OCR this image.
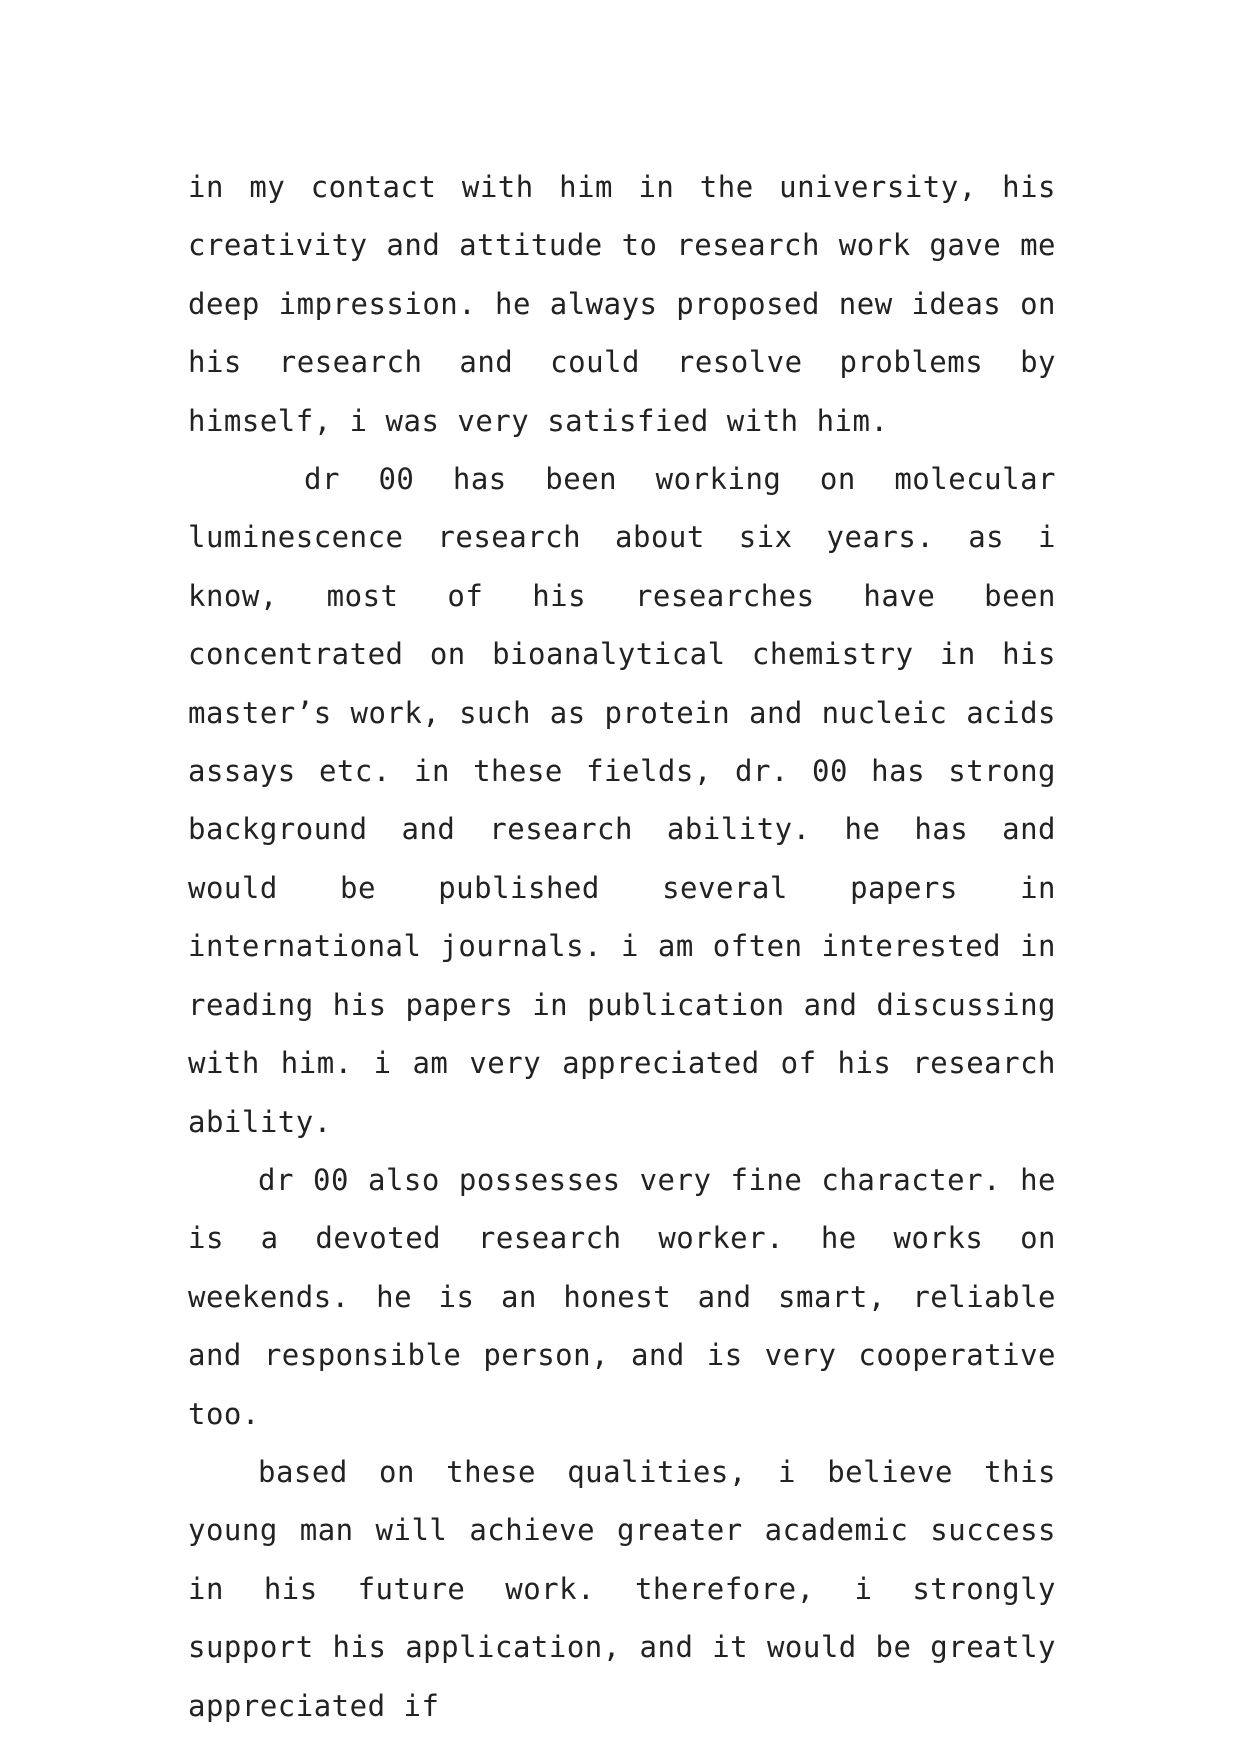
in my contact with him in the university, his creativity and attitude to research work gave me deep impression. he always proposed new ideas on his research and could resolve problems by himself, i was very satisfied with him.

dr 00 has been working on molecular luminescence research about six years. as i know, most of his researches have been concentrated on bioanalytical chemistry in his master’s work, such as protein and nucleic acids assays etc. in these fields, dr. 00 has strong background and research ability. he has and would be published several papers in international journals. i am often interested in reading his papers in publication and discussing with him. i am very appreciated of his research ability.

dr 00 also possesses very fine character. he is a devoted research worker. he works on weekends. he is an honest and smart, reliable and responsible person, and is very cooperative too.

based on these qualities, i believe this young man will achieve greater academic success in his future work. therefore, i strongly support his application, and it would be greatly appreciated if
